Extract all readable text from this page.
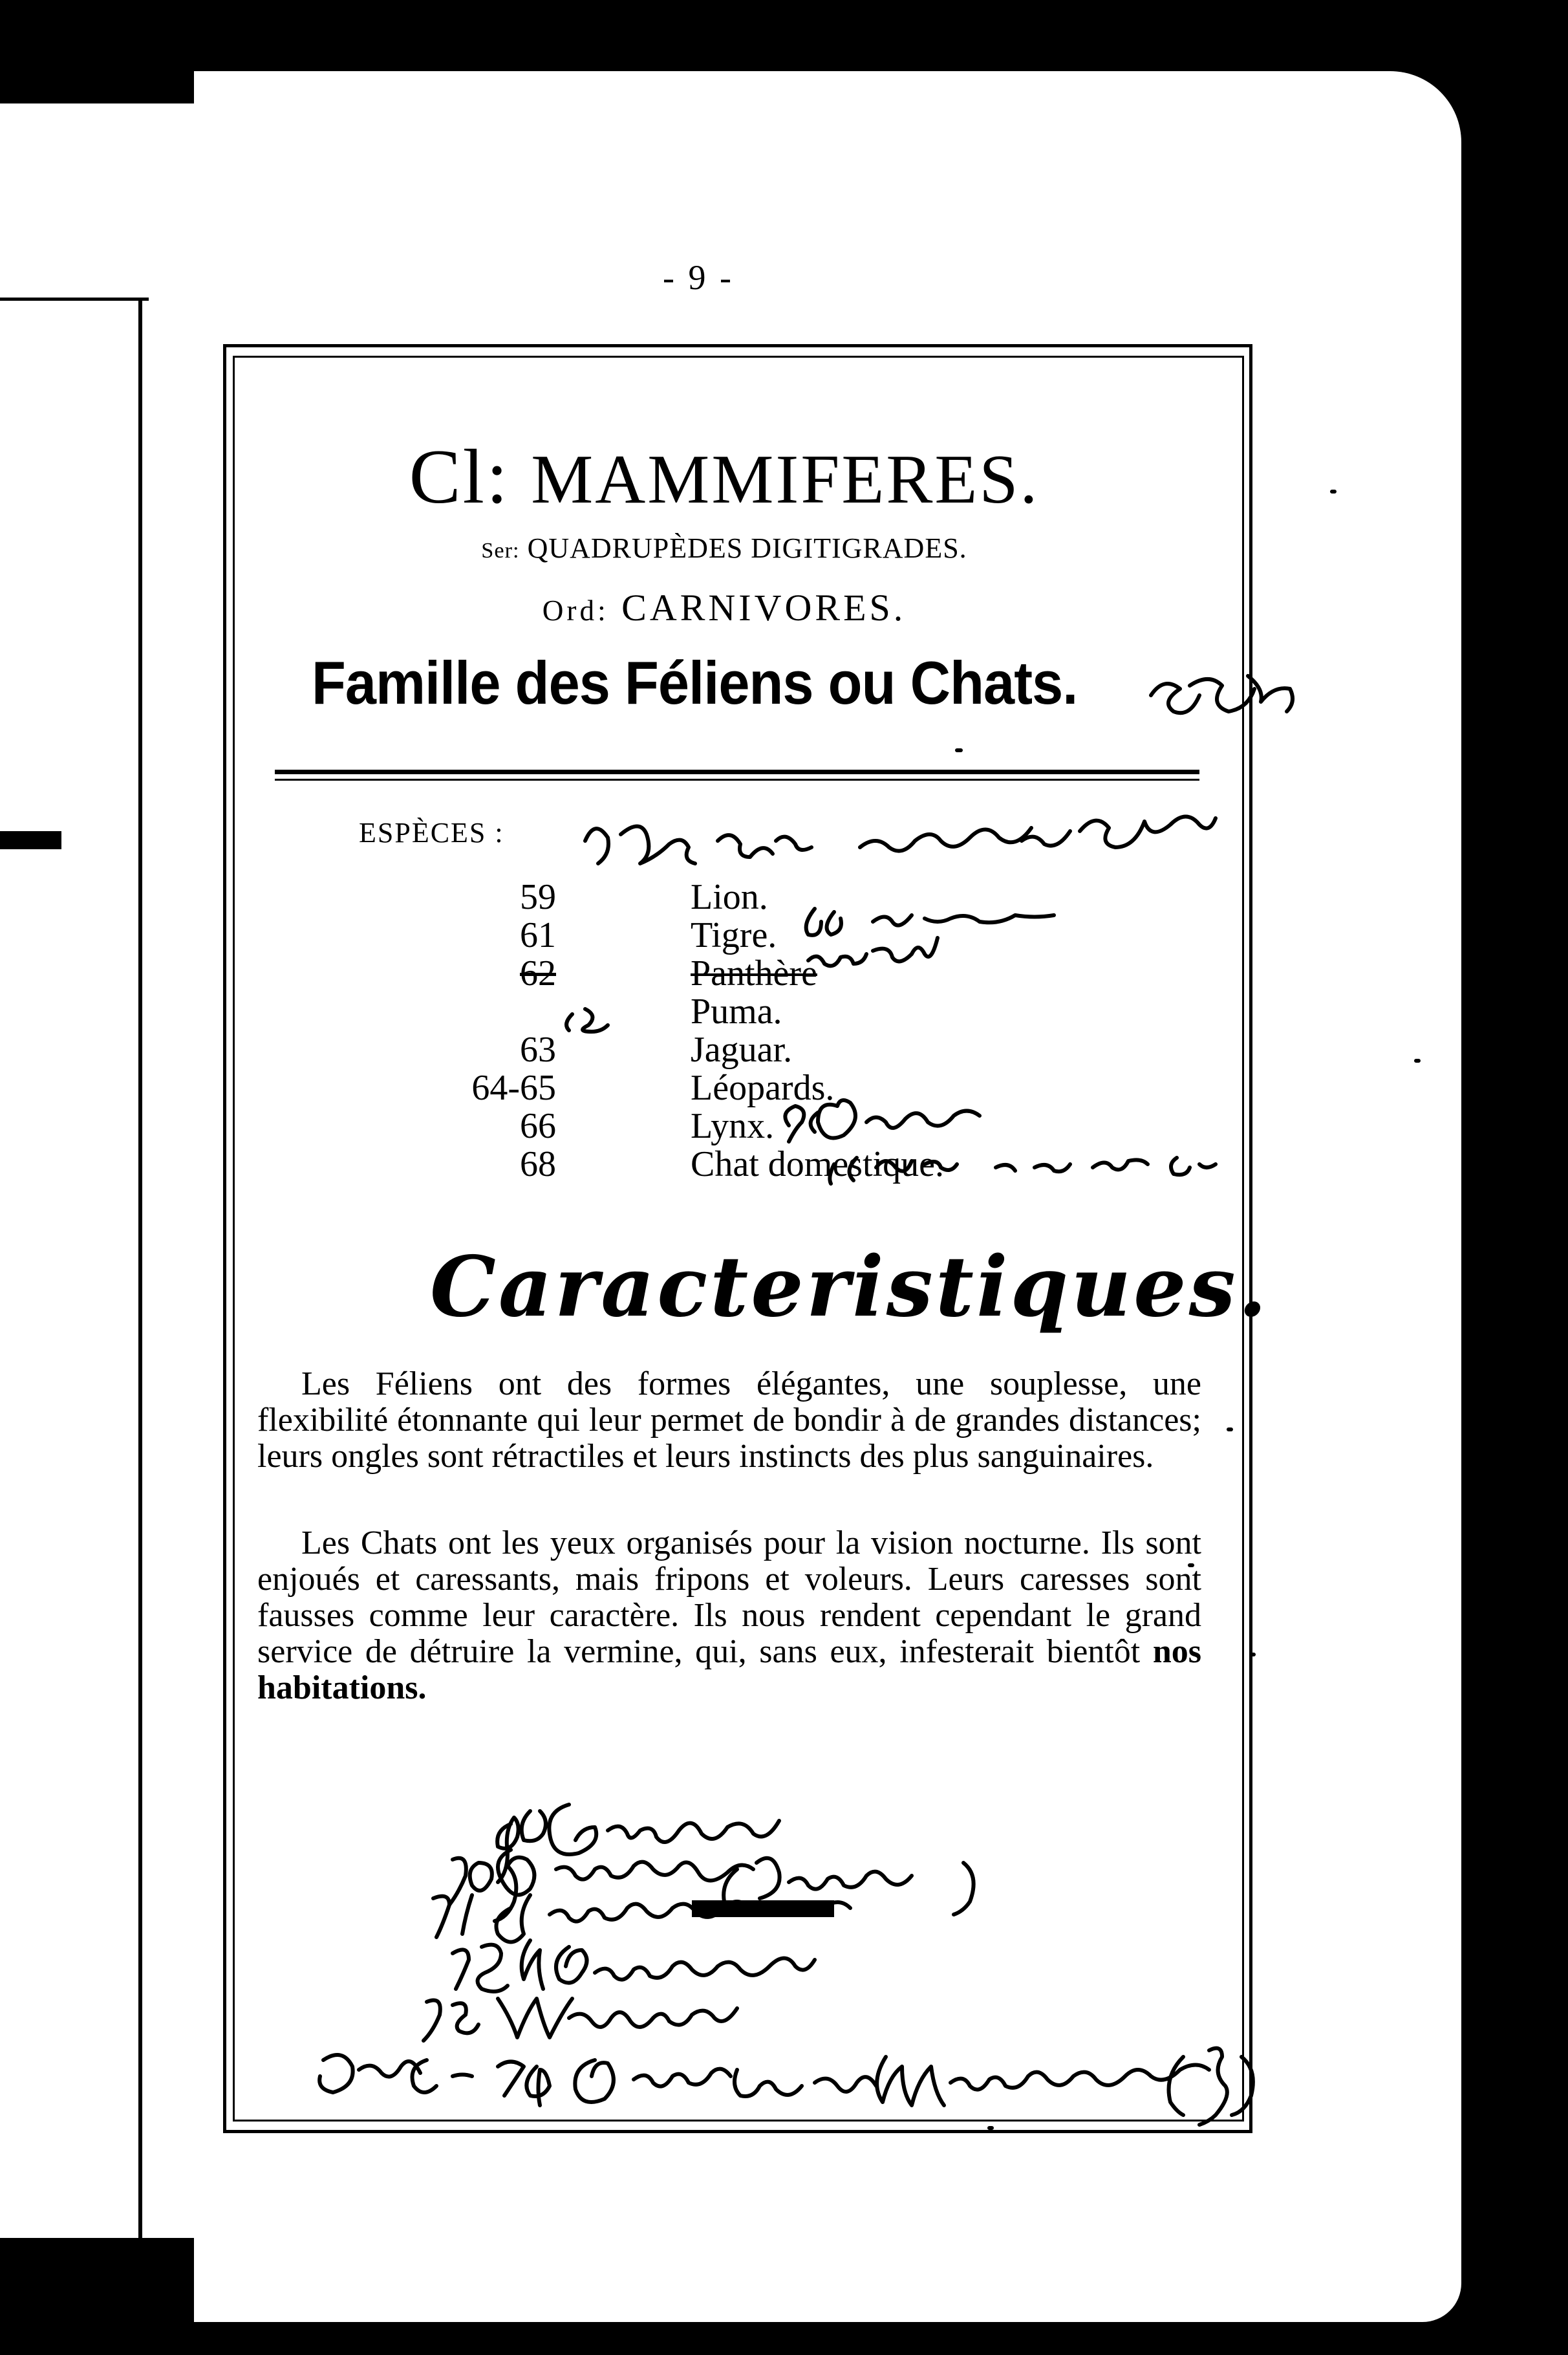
- 9 -
Cl: MAMMIFERES.
Ser: QUADRUPÈDES DIGITIGRADES.
Ord: CARNIVORES.
Famille des Féliens ou Chats.
ESPÈCES :
59	Lion.
61	Tigre.
62	Panthère
Puma.
63	Jaguar.
64-65	Léopards.
66	Lynx.
68	Chat domestique.
Caracteristiques.
Les Féliens ont des formes élégantes, une souplesse, une flexibilité étonnante qui leur permet de bondir à de grandes distances; leurs ongles sont rétractiles et leurs instincts des plus sanguinaires.
Les Chats ont les yeux organisés pour la vision nocturne. Ils sont enjoués et caressants, mais fripons et voleurs. Leurs caresses sont fausses comme leur caractère. Ils nous rendent cependant le grand service de détruire la vermine, qui, sans eux, infesterait bientôt nos habitations.
